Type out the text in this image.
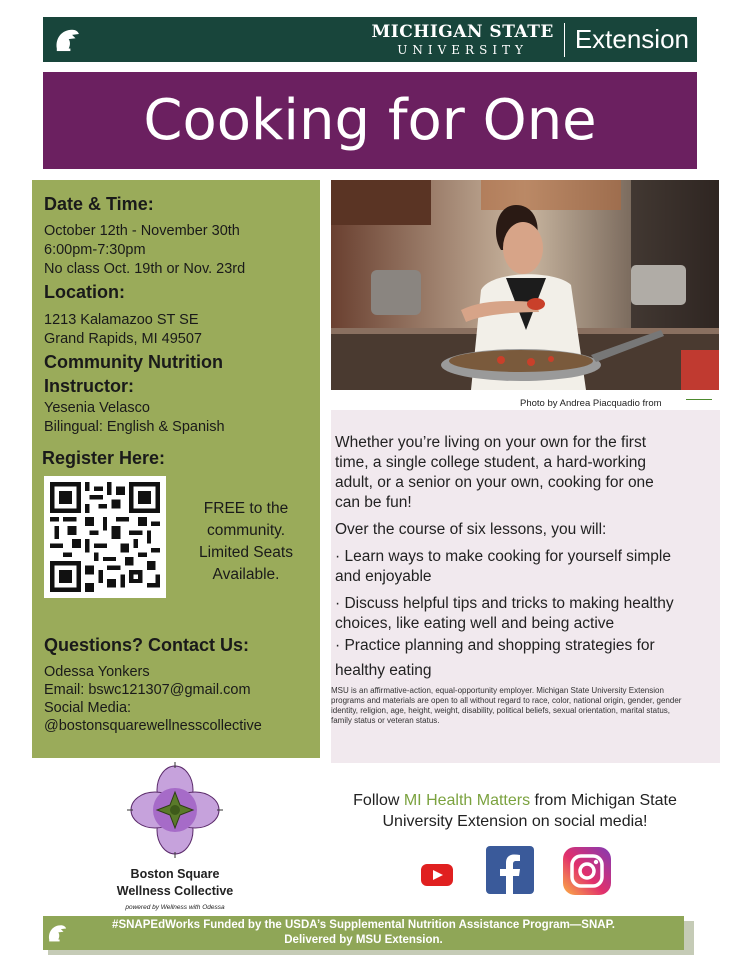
MICHIGAN STATE
UNIVERSITY	Extension
Cooking for One
Date & Time:
October 12th - November 30th
6:00pm-7:30pm
No class Oct. 19th or Nov. 23rd
Location:
1213 Kalamazoo ST SE
Grand Rapids, MI 49507
Community Nutrition
Instructor:
Yesenia Velasco
Bilingual: English & Spanish
Register Here:
FREE to the
community.
Limited Seats
Available.
Questions? Contact Us:
Odessa Yonkers
Email: bswc121307@gmail.com
Social Media:
@bostonsquarewellnesscollective
Photo by Andrea Piacquadio from
Whether you’re living on your own for the first
time, a single college student, a hard-working
adult, or a senior on your own, cooking for one
can be fun!
Over the course of six lessons, you will:
· Learn ways to make cooking for yourself simple
and enjoyable
· Discuss helpful tips and tricks to making healthy
choices, like eating well and being active
· Practice planning and shopping strategies for
healthy eating
MSU is an affirmative-action, equal-opportunity employer. Michigan State University Extension
programs and materials are open to all without regard to race, color, national origin, gender, gender
identity, religion, age, height, weight, disability, political beliefs, sexual orientation, marital status,
family status or veteran status.
Boston Square
Wellness Collective
powered by Wellness with Odessa
Follow MI Health Matters from Michigan State
University Extension on social media!
#SNAPEdWorks Funded by the USDA’s Supplemental Nutrition Assistance Program—SNAP.
Delivered by MSU Extension.
